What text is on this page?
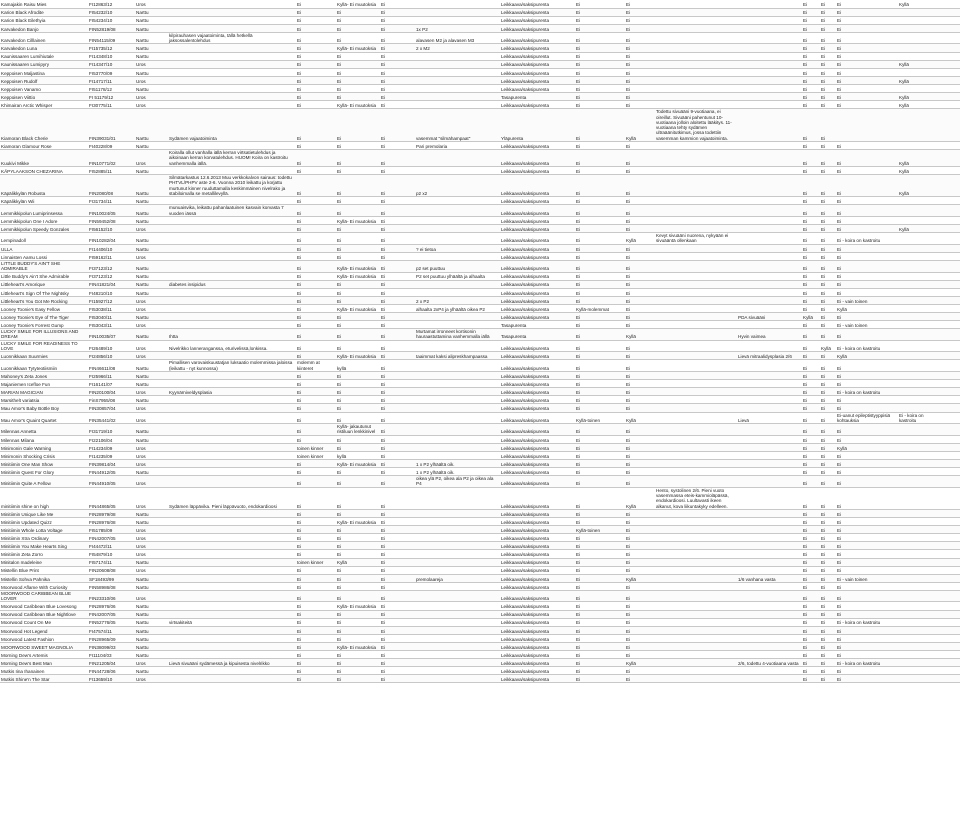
Kamajakin Raisu Mies	FI12863/12	Uros		Ei	Kyllä- Ei muutoksia	Ei		Leikkaava/saksipurenta	Ei	Ei			Ei	Ei	Ei	Kyllä	
Karion Black Afrodite	FI54232/10	Narttu		Ei	Ei	Ei		Leikkaava/saksipurenta	Ei	Ei			Ei	Ei	Ei		
Karion Black Eilethyia	FI54234/10	Narttu		Ei	Ei	Ei		Leikkaava/saksipurenta	Ei	Ei			Ei	Ei	Ei		
Karvakedon Banjo	FIN52819/08	Narttu		Ei	Ei	Ei	1x P2	Leikkaava/saksipurenta	Ei	Ei			Ei	Ei	Ei		
Karvakedon Cilllainen	FIN54115/09	Narttu	kilpirauhasen vajaatoiminta, tällä hetkellä jaksossalentolehdus	Ei	Ei	Ei	alavasen M2 ja alavasen M3	Leikkaava/saksipurenta	Ei	Ei			Ei	Ei	Ei		
Karvakedon Luna	FI15735/12	Narttu		Ei	Kyllä- Ei muutoksia	Ei	2 x M2	Leikkaava/saksipurenta	Ei	Ei			Ei	Ei	Ei		
Kaunissaaren Lumihiutale	FI14348/10	Narttu		Ei	Ei	Ei		Leikkaava/saksipurenta	Ei	Ei			Ei	Ei	Ei		
Kaunissaaren Lumipyry	FI14347/10	Uros		Ei	Ei	Ei		Leikkaava/saksipurenta	Ei	Ei			Ei	Ei	Ei	Kyllä	
Keppoisen Maljastina	FI53770/09	Narttu		Ei	Ei	Ei		Leikkaava/saksipurenta	Ei	Ei			Ei	Ei	Ei		
Keppoisen Rudolf	FI14717/11	Uros		Ei	Ei	Ei		Leikkaava/saksipurenta	Ei	Ei			Ei	Ei	Ei	Kyllä	
Keppoisen Vanamo	FI51178/12	Narttu		Ei	Ei	Ei		Leikkaava/saksipurenta	Ei	Ei			Ei	Ei	Ei		
Keppoisen Viittio	FI 51179/12	Uros		Ei	Ei	Ei		Tasapurenta	Ei	Ei			Ei	Ei	Ei	Kyllä	
Khimairan Arctic Whisper	FI30775/11	Uros		Ei	Kyllä- Ei muutoksia	Ei		Leikkaava/saksipurenta	Ei	Ei			Ei	Ei	Ei	Kyllä	
Kiamoran Black Cherie	FIN39031/01	Narttu	Sydämen vajaatoiminta	Ei	Ei	Ei	vasemmat "silmähampaat"	Yläpurenta	Ei	Kyllä	Todettu sivuääni 9-vuotiaana, ei oireillut. Sivuääni pahentunut 10-vuotiaana jolloin aloitettu lääkitys. 11-vuotiaana tehty sydämen ultraäänitutkimus, jossa todettiin vasemman kammion vajaatoiminta.		Ei	Ei			
Kiamoran Glamour Rose	FI40228/09	Narttu		Ei	Ei	Ei	Pari premolaria	Leikkaava/saksipurenta	Ei	Ei			Ei	Ei	Ei		
Kuukivi Mikke	FIN10771/02	Uros	Koiralla ollut vanhalla iällä kerran virtsatietulehdus ja aikoinaan kerran korvatulehdus. HUOM! Koira on kastroitu vanhemmalla iällä.	Ei	Ei	Ei		Leikkaava/saksipurenta	Ei	Ei			Ei	Ei	Ei	Kyllä	
KÄPYLAAKSON CHEZARINA	FI52885/11	Narttu		Ei	Ei	Ei		Leikkaava/saksipurenta	Ei	Ei			Ei	Ei	Ei	Kyllä	
Käpälikkylän Robusta	FIN2080/08	Narttu	Silmätarkastus 12.6.2013 Muu verkkokalvon sairaus: todettu PHTVL/PHPV aste 2-6. Vuonna 2010 leikattu ja korjattu murtunut kinner ruuduttamalla keskimmäinen nivelrako ja stabiloimalla se metallilevyllä.	Ei	Ei	Ei	p2 x2	Leikkaava/saksipurenta	Ei	Ei			Ei	Ei	Ei	Kyllä	
Käpälikkylän Wii	FI31734/11	Narttu		Ei	Ei	Ei		Leikkaava/saksipurenta	Ei	Ei			Ei	Ei	Ei		
Lemmikkipolun Lumiprinsessa	FIN10024/05	Narttu	munuaisvika, leikattu pahanlaatuinen kasvain korvasta 7 vuoden iässä	Ei	Ei	Ei		Leikkaava/saksipurenta	Ei	Ei			Ei	Ei	Ei		
Lemmikkipolun One I Adore	FIN59452/08	Narttu		Ei	Kyllä- Ei muutoksia	Ei		Leikkaava/saksipurenta	Ei	Ei			Ei	Ei	Ei		
Lemmikkipolun Speedy Gonzales	FI56152/10	Uros		Ei	Ei	Ei		Leikkaava/saksipurenta	Ei	Ei			Ei	Ei	Ei	Kyllä	
Lempinadoll	FIN10282/04	Narttu		Ei	Ei	Ei		Leikkaava/saksipurenta	Ei	Kyllä	Kevyt sivuääni nuorena, nykyään ei sivuääntä ollenkaan		Ei	Ei	Ei - koira on kastroitu		
ULLA	FI14406/10	Narttu		Ei	Ei	Ei	? ei tietoa	Leikkaava/saksipurenta	Ei	Ei			Ei	Ei	Ei		
Linnaisten Aamu Lossi	FI59162/11	Uros		Ei	Ei	Ei		Leikkaava/saksipurenta	Ei	Ei			Ei	Ei	Ei		
LITTLE BUDDY'S AIN'T SHE ADMIRABLE	FI37123/12	Narttu		Ei	Kyllä- Ei muutoksia	Ei	p2 set puuttuu	Leikkaava/saksipurenta	Ei	Ei			Ei	Ei	Ei		
Little Buddy's Ain't She Admirable	FI37123/12	Narttu		Ei	Kyllä- Ei muutoksia	Ei	P2 set puuttuu ylhäältä ja alhaalta	Leikkaava/saksipurenta	Ei	Ei			Ei	Ei	Ei		
Littleheart's Amorique	FIN41821/04	Narttu	diabetes insipidus	Ei	Ei	Ei		Leikkaava/saksipurenta	Ei	Ei			Ei	Ei	Ei		
Littleheart's Sign Of The Nightsky	FI48210/10	Narttu		Ei	Ei	Ei		Leikkaava/saksipurenta	Ei	Ei			Ei	Ei	Ei		
Littleheart's You Got Me Rocking	FI15927/12	Uros		Ei	Ei	Ei	2 x P2	Leikkaava/saksipurenta	Ei	Ei			Ei	Ei	Ei - vain toinen		
Looney Toonie's Easy Fellow	FI53038/11	Uros		Ei	Kyllä- Ei muutoksia	Ei	alhaalta 2xP4 ja ylhäältä oikea P2	Leikkaava/saksipurenta	Kyllä-molemmat	Ei			Ei	Ei	Kyllä		
Looney Toonie's Eye of The Tiger	FI53040/11	Narttu		Ei	Ei	Ei		Leikkaava/saksipurenta	Ei	Ei		PDA sivuääni	Kyllä	Ei	Ei		
Looney Toonie's Forrest Gump	FI53043/11	Uros		Ei	Ei	Ei		Tasapurenta	Ei	Ei			Ei	Ei	Ei - vain toinen		
LUCKY SMILE FOR ILLUSIONS AND DREAM	FIN10035/07	Narttu	Ihtta	Ei	Ei	Ei	Murtamat irronneet kortisonin hauraastuttamina vanhemmalla iällä	Tasapurenta	Ei	Kyllä		Hyvin vaimea	Ei	Ei	Ei		
LUCKY SMILE FOR READINESS TO LOVE	FI26489/10	Uros	Nivelrikko lanneranganssa, eturivelissä,lonkissa.	Ei	Ei	Ei		Leikkaava/saksipurenta	Ei	Ei			Ei	Kyllä	Ei - koira on kastroitu		
Luonnikkaan Suurmies	FI24856/10	Uros		Ei	Kyllä- Ei muutoksia	Ei	taaimmat kaksi alipreskhampaassa	Leikkaava/saksipurenta	Ei	Ei		Lievä mitraalidysplasia 2/6	Ei	Ei	Kyllä		
Luonnikkaan Tytyteotiismiin	FIN46611/08	Narttu	Pimallisen varovaiskuustatjan luksaatio molemmissa jaloissa (leikattu - nyt kunnossa)	molemm at kiinteret	kyllä	Ei		Leikkaava/saksipurenta	Ei	Ei			Ei	Ei	Ei		
Mahoney's Zeta Jones	FI25966/11	Narttu		Ei	Ei	Ei		Leikkaava/saksipurenta	Ei	Ei			Ei	Ei	Ei		
Majaniemen Icefloe Fun	FI16141/07	Narttu		Ei	Ei	Ei		Leikkaava/saksipurenta	Ei	Ei			Ei	Ei	Ei		
MARIAN MAGICIAN	FIN20100/04	Uros	Kyynärniveldysplasia	Ei	Ei	Ei		Leikkaava/saksipurenta	Ei	Ei			Ei	Ei	Ei - koira on kastroitu		
Marsithelt variatsia	FinS7955/08	Narttu		Ei	Ei	Ei		Leikkaava/saksipurenta	Ei	Ei			Ei	Ei	Ei		
Mau Amor's Baby Bottle Boy	FIN30857/04	Uros		Ei	Ei	Ei		Leikkaava/saksipurenta	Ei	Ei			Ei	Ei	Ei		
Mau Amor's Quaint Quartet	FIN35441/02	Uros		Ei	Ei	Ei		Leikkaava/saksipurenta	Kyllä-toinen	Kyllä		Lievä	Ei	Ei	Ei-uanut epileptistyyppisiä kohtauksia	Ei - koira on kastroitu	
Milennas Annetta	FI31719/10	Narttu		Ei	Kyllä- jakautunut ristiluun lenkkinivel	Ei		Leikkaava/saksipurenta	Ei	Ei			Ei	Ei	Ei		
Milennas Milana	FI22106/04	Narttu		Ei	Ei	Ei		Leikkaava/saksipurenta	Ei	Ei			Ei	Ei	Ei		
Minimonin Gale Warning	FI14234/09	Uros		toinen kinner	Ei	Ei		Leikkaava/saksipurenta	Ei	Ei			Ei	Ei	Kyllä		
Minimonin Shocking Crisis	FI14235/09	Uros		toinen kinner	kyllä	Ei		Leikkaava/saksipurenta	Ei	Ei			Ei	Ei	Ei		
Minitiimin One Man Show	FIN39814/04	Uros		Ei	Kyllä- Ei muutoksia	Ei	1 x P2 ylhäältä oik.	Leikkaava/saksipurenta	Ei	Ei			Ei	Ei	Ei		
Minitiimin Quest For Glory	FIN44912/05	Narttu		Ei	Ei	Ei	1 x P2 ylhäältä oik.	Leikkaava/saksipurenta	Ei	Ei			Ei	Ei	Ei		
Minitiimin Quite A Fellow	FIN44910/05	Uros		Ei	Ei	Ei	oikea ylä P2, oikea ala P2 ja oikea ala P4	Leikkaava/saksipurenta	Ei	Ei			Ei	Ei	Ei		
minitiimin shine on high	FIN44865/05	Uros	Sydämen läppävika. Pieni läppävuoto, endokardioosi	Ei	Ei	Ei		Leikkaava/saksipurenta	Ei	Kyllä	Hento, systolinen 2/6. Pieni vuoto vasemmassa eteis-kammioläpässä, endokardioosi. Luultavasti ikeen alkanut, kova liikuntakyky edelleen.		Ei	Ei	Ei		
Minitiimin Unique Like Me	FIN28979/08	Narttu		Ei	Ei	Ei		Leikkaava/saksipurenta	Ei	Ei			Ei	Ei	Ei		
Minitiimin Updated Quizz	FIN28976/08	Narttu		Ei	Kyllä- Ei muutoksia	Ei		Leikkaava/saksipurenta	Ei	Ei			Ei	Ei	Ei		
Minitiimin Whole Lotta Voltage	FI51785/09	Uros		Ei	Ei	Ei		Leikkaava/saksipurenta	Kyllä-toinen	Ei			Ei	Ei	Ei		
Minitiimin Xtra Ordinary	FIN42007/05	Uros		Ei	Ei	Ei		Leikkaava/saksipurenta	Ei	Ei			Ei	Ei	Ei		
Minitiimin You Make Hearts Sing	FI44472/11	Uros		Ei	Ei	Ei		Leikkaava/saksipurenta	Ei	Ei			Ei	Ei	Ei		
Minitiimin Zeta Zorro	FI54879/10	Uros		Ei	Ei	Ei		Leikkaava/saksipurenta	Ei	Ei			Ei	Ei	Ei		
Minitalon madeleine	FI57174/11	Narttu		toinen kinner	Kyllä	Ei		Leikkaava/saksipurenta	Ei	Ei			Ei	Ei	Ei		
Mistellin Blue Print	FIN20608/08	Uros		Ei	Ei	Ei		Leikkaava/saksipurenta	Ei	Ei			Ei	Ei	Ei		
Mistellin Sohva Pahnika	SF18493/99	Narttu		Ei	Ei	Ei	premolaareja	Leikkaava/saksipurenta	Ei	Kyllä		1/6 vanhana vasta	Ei	Ei	Ei - vain toinen		
Moorwood Aflame With Curiosity	FIN58986/08	Narttu		Ei	Ei	Ei		Leikkaava/saksipurenta	Ei	Ei			Ei	Ei	Ei		
MOORWOOD CARIBBEAN BLUE LOVER	FIN23310/06	Uros		Ei	Ei	Ei		Leikkaava/saksipurenta	Ei	Ei			Ei	Ei	Ei		
Moorwood Caribbean Blue Lovesong	FIN28976/06	Narttu		Ei	Kyllä- Ei muutoksia	Ei		Leikkaava/saksipurenta	Ei	Ei			Ei	Ei	Ei		
Moorwood Caribbean Blue Nightlove	FIN42007/05	Narttu		Ei	Ei	Ei		Leikkaava/saksipurenta	Ei	Ei			Ei	Ei	Ei		
Moorwood Count On Me	FIN52776/05	Narttu	virtsakiteitä	Ei	Ei	Ei		Leikkaava/saksipurenta	Ei	Ei			Ei	Ei	Ei - koira on kastroitu		
Moorwood Hot Legend	FI47574/11	Narttu		Ei	Ei	Ei		Leikkaava/saksipurenta	Ei	Ei			Ei	Ei	Ei		
Moorwood Latest Fashion	FIN28965/09	Narttu		Ei	Ei	Ei		Leikkaava/saksipurenta	Ei	Ei			Ei	Ei	Ei		
MOORWOOD SWEET MAGNOLIA	FIN38099/03	Narttu		Ei	Kyllä- Ei muutoksia	Ei		Leikkaava/saksipurenta	Ei	Ei			Ei	Ei	Ei		
Morning Dew's Artemis	FI11104/03	Narttu		Ei	Ei	Ei		Leikkaava/saksipurenta	Ei	Ei			Ei	Ei	Ei		
Morning Dew's Best Man	FIN21205/04	Uros	Lievä sivuääni sydämessä ja kipuisesta nivelrikko	Ei	Ei	Ei		Leikkaava/saksipurenta	Ei	Kyllä		2/6, todettu 4-vuotiaana vasta	Ei	Ei	Ei - koira on kastroitu		
Mutkis Iina Ihanainen	FIN44728/06	Narttu		Ei	Ei	Ei		Leikkaava/saksipurenta	Ei	Ei			Ei	Ei	Ei		
Mutkis Shine'n The Star	FI13659/10	Uros		Ei	Ei	Ei		Leikkaava/saksipurenta	Ei	Ei			Ei	Ei	Ei		
